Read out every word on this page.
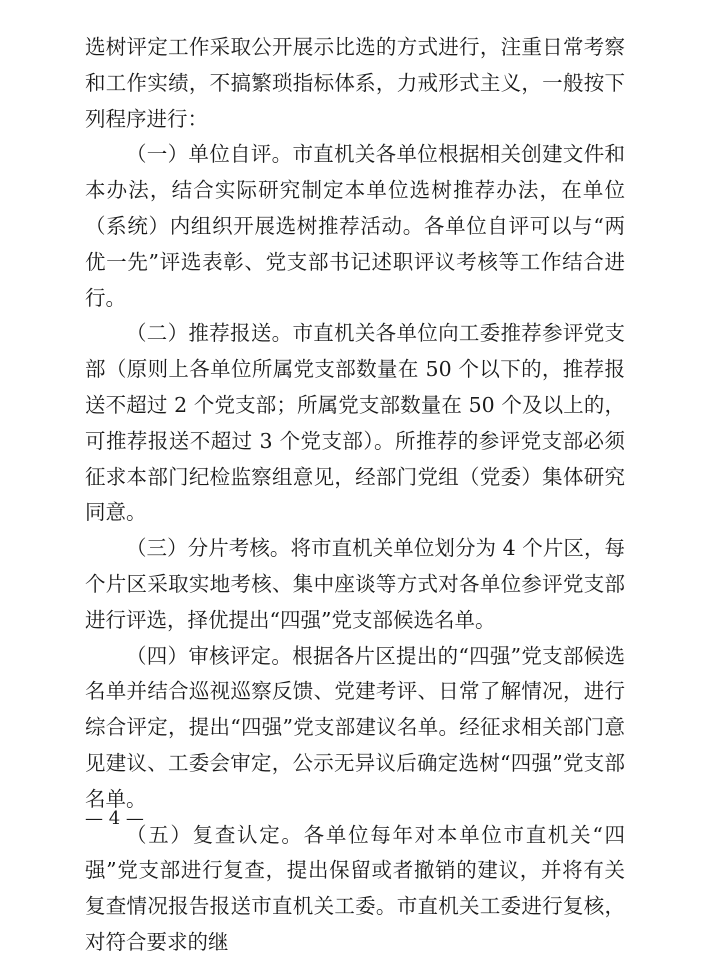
选树评定工作采取公开展示比选的方式进行，注重日常考察和工作实绩，不搞繁琐指标体系，力戒形式主义，一般按下列程序进行：

（一）单位自评。市直机关各单位根据相关创建文件和本办法，结合实际研究制定本单位选树推荐办法，在单位（系统）内组织开展选树推荐活动。各单位自评可以与“两优一先”评选表彰、党支部书记述职评议考核等工作结合进行。

（二）推荐报送。市直机关各单位向工委推荐参评党支部（原则上各单位所属党支部数量在 50 个以下的，推荐报送不超过 2 个党支部；所属党支部数量在 50 个及以上的，可推荐报送不超过 3 个党支部）。所推荐的参评党支部必须征求本部门纪检监察组意见，经部门党组（党委）集体研究同意。

（三）分片考核。将市直机关单位划分为 4 个片区，每个片区采取实地考核、集中座谈等方式对各单位参评党支部进行评选，择优提出“四强”党支部候选名单。

（四）审核评定。根据各片区提出的“四强”党支部候选名单并结合巡视巡察反馈、党建考评、日常了解情况，进行综合评定，提出“四强”党支部建议名单。经征求相关部门意见建议、工委会审定，公示无异议后确定选树“四强”党支部名单。

（五）复查认定。各单位每年对本单位市直机关“四强”党支部进行复查，提出保留或者撤销的建议，并将有关复查情况报告报送市直机关工委。市直机关工委进行复核，对符合要求的继

— 4 —
